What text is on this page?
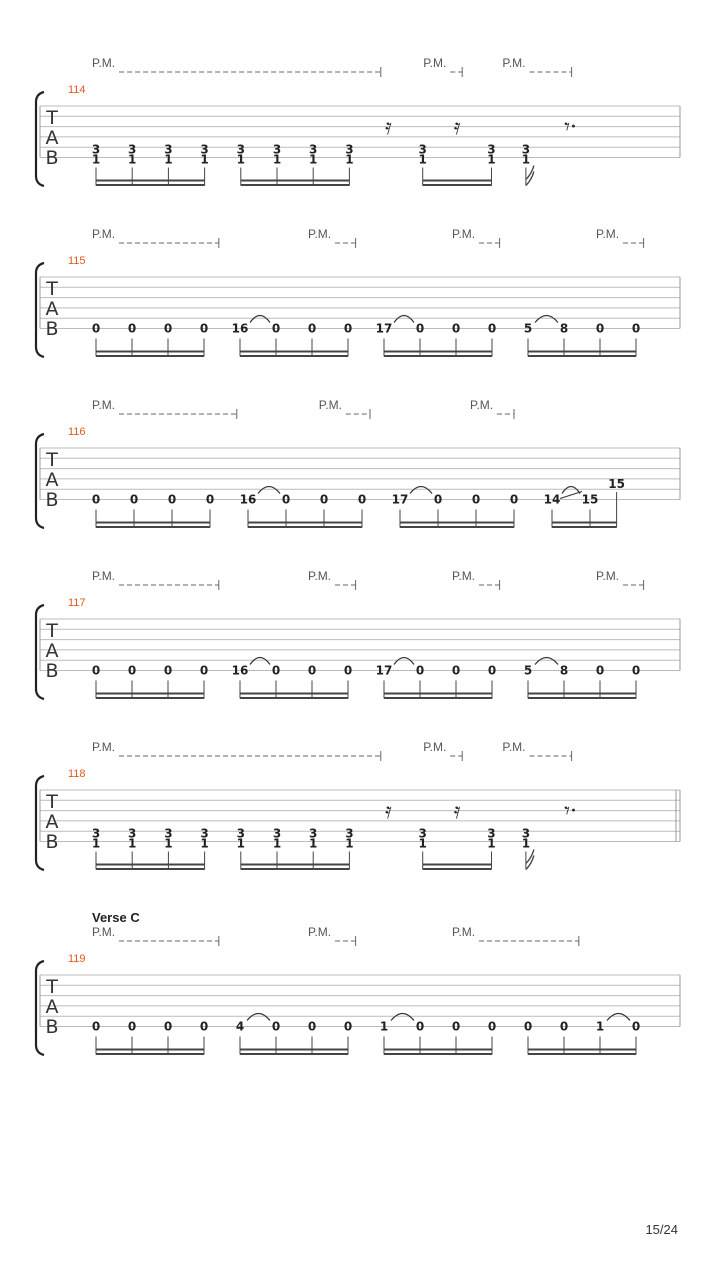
P.M.	P.M.	P.M.
114
T
A
B	3
1
3
1
3
1
3
1
3
1
3
1
3
1
3
1
3
1
3
1
3
1
𝄿	𝄿	𝄾·
P.M.	P.M.	P.M.	P.M.
115
T
A
B	0 0 0 0 16 0 0 0 17 0 0 0 5 8 0 0
P.M.	P.M.	P.M.
116
T
A
B	0 0 0 0 16 0 0 0 17 0 0 0 14 15
15
P.M.	P.M.	P.M.	P.M.
117
T
A
B	0 0 0 0 16 0 0 0 17 0 0 0 5 8 0 0
P.M.	P.M.	P.M.
118
T
A
B	3
1
3
1
3
1
3
1
3
1
3
1
3
1
3
1
3
1
3
1
3
1
𝄿	𝄿	𝄾·
Verse C
P.M.	P.M.	P.M.
119
T
A
B	0 0 0 0 4 0 0 0 1 0 0 0 0 0 1 0
15/24
